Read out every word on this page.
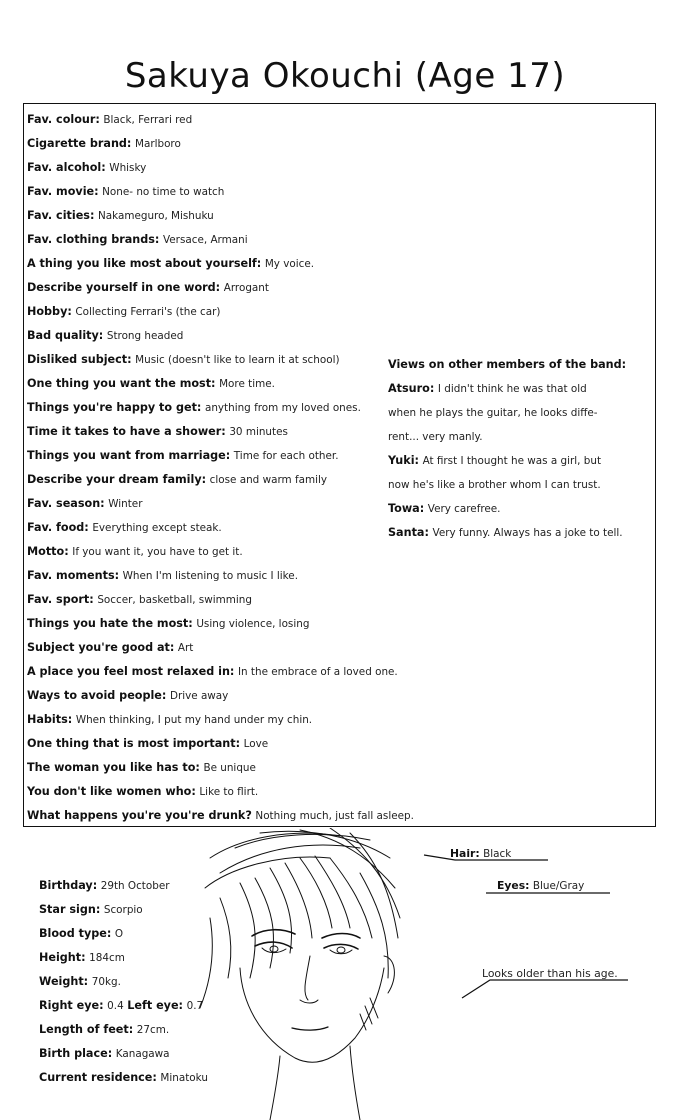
Sakuya Okouchi (Age 17)
Fav. colour: Black, Ferrari red
Cigarette brand: Marlboro
Fav. alcohol: Whisky
Fav. movie: None- no time to watch
Fav. cities: Nakameguro, Mishuku
Fav. clothing brands: Versace, Armani
A thing you like most about yourself: My voice.
Describe yourself in one word: Arrogant
Hobby: Collecting Ferrari's (the car)
Bad quality: Strong headed
Disliked subject: Music (doesn't like to learn it at school)
One thing you want the most: More time.
Things you're happy to get: anything from my loved ones.
Time it takes to have a shower: 30 minutes
Things you want from marriage: Time for each other.
Describe your dream family: close and warm family
Fav. season: Winter
Fav. food: Everything except steak.
Motto: If you want it, you have to get it.
Fav. moments: When I'm listening to music I like.
Fav. sport: Soccer, basketball, swimming
Things you hate the most: Using violence, losing
Subject you're good at: Art
A place you feel most relaxed in: In the embrace of a loved one.
Ways to avoid people: Drive away
Habits: When thinking, I put my hand under my chin.
One thing that is most important: Love
The woman you like has to: Be unique
You don't like women who: Like to flirt.
What happens you're you're drunk? Nothing much, just fall asleep.
Views on other members of the band:
Atsuro: I didn't think he was that old
when he plays the guitar, he looks diffe-
rent... very manly.
Yuki: At first I thought he was a girl, but
now he's like a brother whom I can trust.
Towa: Very carefree.
Santa: Very funny. Always has a joke to tell.
Hair: Black
Eyes: Blue/Gray
Looks older than his age.
Birthday: 29th October
Star sign: Scorpio
Blood type: O
Height: 184cm
Weight: 70kg.
Right eye: 0.4 Left eye: 0.7
Length of feet: 27cm.
Birth place: Kanagawa
Current residence: Minatoku
